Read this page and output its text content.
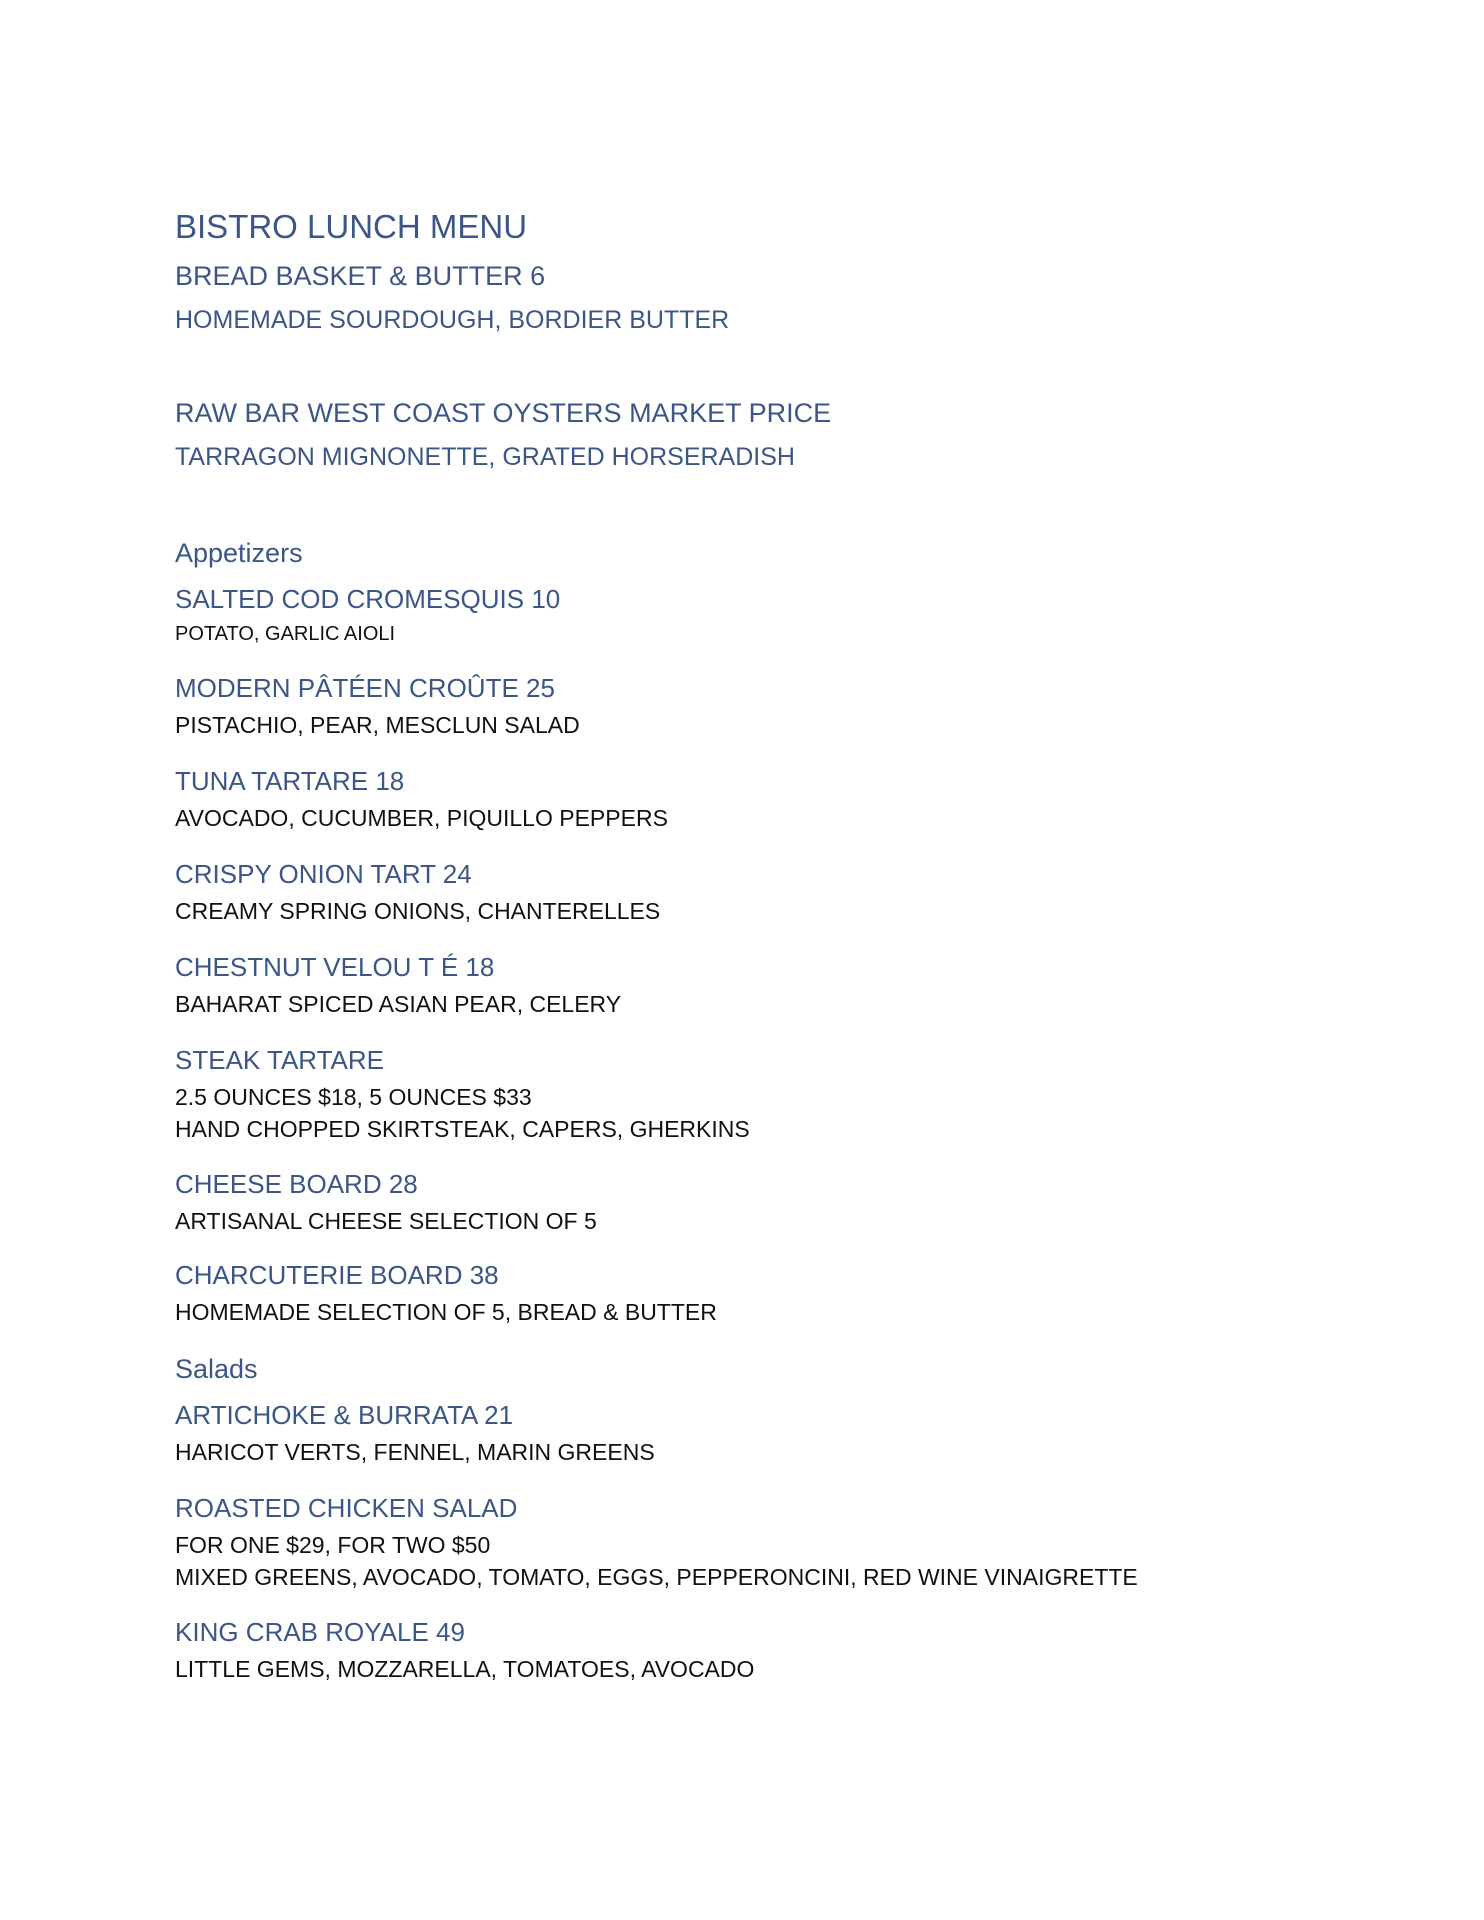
BISTRO LUNCH MENU
BREAD BASKET & BUTTER 6
HOMEMADE SOURDOUGH, BORDIER BUTTER
RAW BAR WEST COAST OYSTERS MARKET PRICE
TARRAGON MIGNONETTE, GRATED HORSERADISH
Appetizers
SALTED COD CROMESQUIS 10
POTATO, GARLIC AIOLI
MODERN PÂTÉEN CROÛTE 25
PISTACHIO, PEAR, MESCLUN SALAD
TUNA TARTARE 18
AVOCADO, CUCUMBER, PIQUILLO PEPPERS
CRISPY ONION TART 24
CREAMY SPRING ONIONS, CHANTERELLES
CHESTNUT VELOU T É 18
BAHARAT SPICED ASIAN PEAR, CELERY
STEAK TARTARE
2.5 OUNCES $18, 5 OUNCES $33
HAND CHOPPED SKIRTSTEAK, CAPERS, GHERKINS
CHEESE BOARD 28
ARTISANAL CHEESE SELECTION OF 5
CHARCUTERIE BOARD 38
HOMEMADE SELECTION OF 5, BREAD & BUTTER
Salads
ARTICHOKE & BURRATA 21
HARICOT VERTS, FENNEL, MARIN GREENS
ROASTED CHICKEN SALAD
FOR ONE $29, FOR TWO $50
MIXED GREENS, AVOCADO, TOMATO, EGGS, PEPPERONCINI, RED WINE VINAIGRETTE
KING CRAB ROYALE 49
LITTLE GEMS, MOZZARELLA, TOMATOES, AVOCADO
